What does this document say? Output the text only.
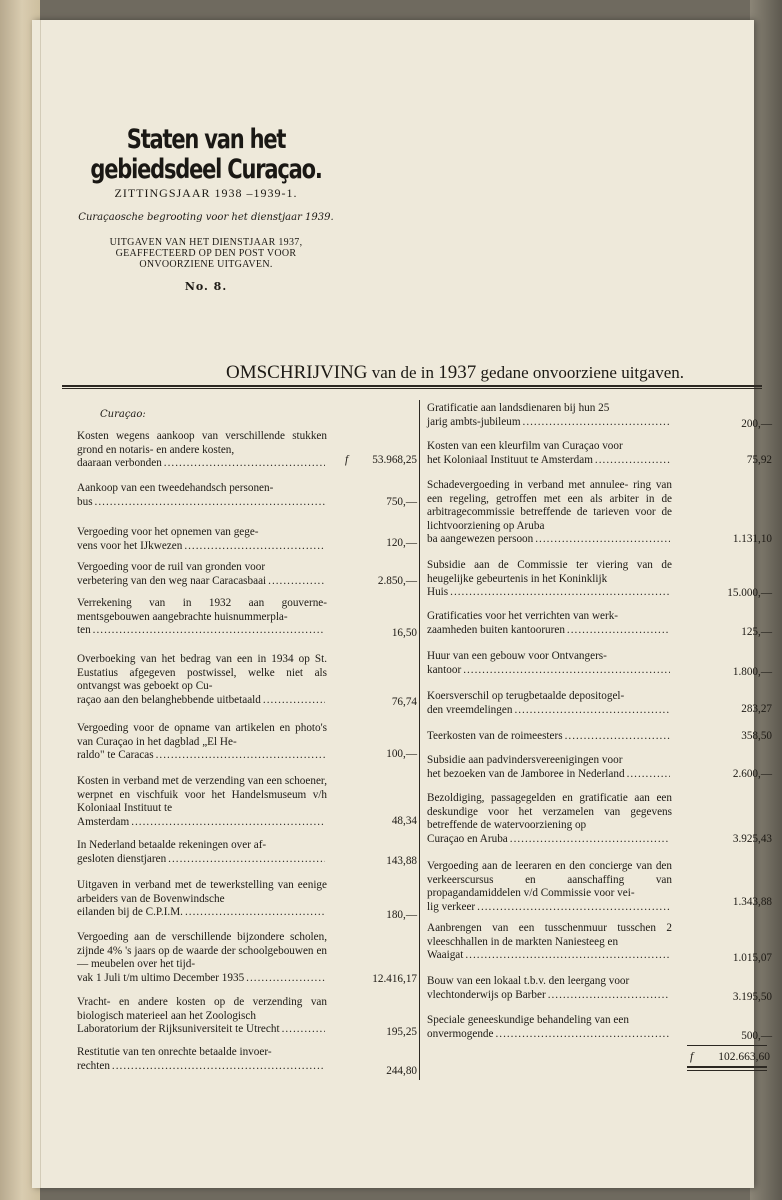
Staten van het gebiedsdeel Curaçao.
ZITTINGSJAAR 1938 –1939-1.
Curaçaosche begrooting voor het dienstjaar 1939.
UITGAVEN VAN HET DIENSTJAAR 1937,
GEAFFECTEERD OP DEN POST VOOR
ONVOORZIENE UITGAVEN.
No. 8.
OMSCHRIJVING van de in 1937 gedane onvoorziene uitgaven.
Curaçao:
Kosten wegens aankoop van verschillende stukken grond en notaris- en andere kosten,
daaraan verbonden .....	53.968,25
f
Aankoop van een tweedehandsch personen-
bus .....	750,—
Vergoeding voor het opnemen van gege-
vens voor het IJkwezen .....	120,—
Vergoeding voor de ruil van gronden voor
verbetering van den weg naar Caracasbaai .....	2.850,—
Verrekening van in 1932 aan gouverne- mentsgebouwen aangebrachte huisnummerpla-
ten .....	16,50
Overboeking van het bedrag van een in 1934 op St. Eustatius afgegeven postwissel, welke niet als ontvangst was geboekt op Cu-
raçao aan den belanghebbende uitbetaald .....	76,74
Vergoeding voor de opname van artikelen en photo's van Curaçao in het dagblad „El He-
raldo" te Caracas .....	100,—
Kosten in verband met de verzending van een schoener, werpnet en vischfuik voor het Handelsmuseum v/h Koloniaal Instituut te
Amsterdam .....	48,34
In Nederland betaalde rekeningen over af-
gesloten dienstjaren .....	143,88
Uitgaven in verband met de tewerkstelling van eenige arbeiders van de Bovenwindsche
eilanden bij de C.P.I.M. .....	180,—
Vergoeding aan de verschillende bijzondere scholen, zijnde 4% 's jaars op de waarde der schoolgebouwen en — meubelen over het tijd-
vak 1 Juli t/m ultimo December 1935 .....	12.416,17
Vracht- en andere kosten op de verzending van biologisch materieel aan het Zoologisch
Laboratorium der Rijksuniversiteit te Utrecht .....	195,25
Restitutie van ten onrechte betaalde invoer-
rechten .....	244,80
Gratificatie aan landsdienaren bij hun 25
jarig ambts-jubileum .....	200,—
Kosten van een kleurfilm van Curaçao voor
het Koloniaal Instituut te Amsterdam .....	75,92
Schadevergoeding in verband met annulee- ring van een regeling, getroffen met een als arbiter in de arbitragecommissie betreffende de tarieven voor de lichtvoorziening op Aruba
ba aangewezen persoon .....	1.131,10
Subsidie aan de Commissie ter viering van de heugelijke gebeurtenis in het Koninklijk
Huis .....	15.000,—
Gratificaties voor het verrichten van werk-
zaamheden buiten kantooruren .....	125,—
Huur van een gebouw voor Ontvangers-
kantoor .....	1.800,—
Koersverschil op terugbetaalde depositogel-
den vreemdelingen .....	283,27
Teerkosten van de roimeesters .....	358,50
Subsidie aan padvindersvereenigingen voor
het bezoeken van de Jamboree in Nederland .....	2.600,—
Bezoldiging, passagegelden en gratificatie aan een deskundige voor het verzamelen van gegevens betreffende de watervoorziening op
Curaçao en Aruba .....	3.925,43
Vergoeding aan de leeraren en den concierge van den verkeerscursus en aanschaffing van propagandamiddelen v/d Commissie voor vei-
lig verkeer .....	1.343,88
Aanbrengen van een tusschenmuur tusschen 2 vleeschhallen in de markten Naniesteeg en
Waaigat .....	1.015,07
Bouw van een lokaal t.b.v. den leergang voor
vlechtonderwijs op Barber .....	3.195,50
Speciale geneeskundige behandeling van een
onvermogende .....	500,—
f 102.663,60
